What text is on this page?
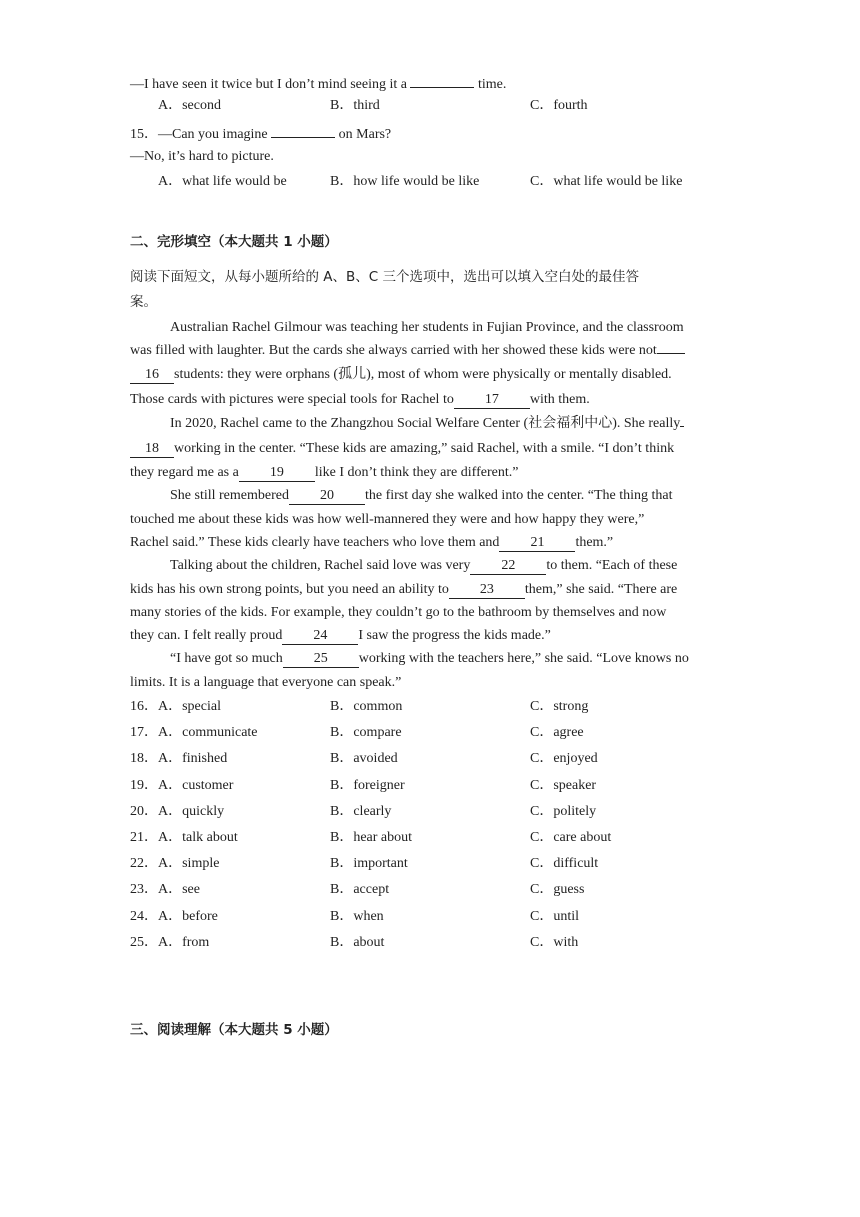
—I have seen it twice but I don’t mind seeing it a	time.
A．second	B．third	C．fourth
15．—Can you imagine	on Mars?
—No, it’s hard to picture.
A．what life would be	B．how life would be like	C．what life would be like
二、完形填空（本大题共 1 小题）
阅读下面短文，从每小题所给的 A、B、C 三个选项中，选出可以填入空白处的最佳答
案。
Australian Rachel Gilmour was teaching her students in Fujian Province, and the classroom
was filled with laughter. But the cards she always carried with her showed these kids were not
16 students: they were orphans (孤儿), most of whom were physically or mentally disabled.
Those cards with pictures were special tools for Rachel to 17 with them.
In 2020, Rachel came to the Zhangzhou Social Welfare Center (社会福利中心). She really
18 working in the center. “These kids are amazing,” said Rachel, with a smile. “I don’t think
they regard me as a 19 like I don’t think they are different.”
She still remembered 20 the first day she walked into the center. “The thing that
touched me about these kids was how well-mannered they were and how happy they were,”
Rachel said.” These kids clearly have teachers who love them and 21 them.”
Talking about the children, Rachel said love was very 22 to them. “Each of these
kids has his own strong points, but you need an ability to 23 them,” she said. “There are
many stories of the kids. For example, they couldn’t go to the bathroom by themselves and now
they can. I felt really proud 24 I saw the progress the kids made.”
“I have got so much 25 working with the teachers here,” she said. “Love knows no
limits. It is a language that everyone can speak.”
16． A．special	B．common	C．strong
17． A．communicate	B．compare	C．agree
18． A．finished	B．avoided	C．enjoyed
19． A．customer	B．foreigner	C．speaker
20． A．quickly	B．clearly	C．politely
21． A．talk about	B．hear about	C．care about
22． A．simple	B．important	C．difficult
23． A．see	B．accept	C．guess
24． A．before	B．when	C．until
25． A．from	B．about	C．with
三、阅读理解（本大题共 5 小题）
